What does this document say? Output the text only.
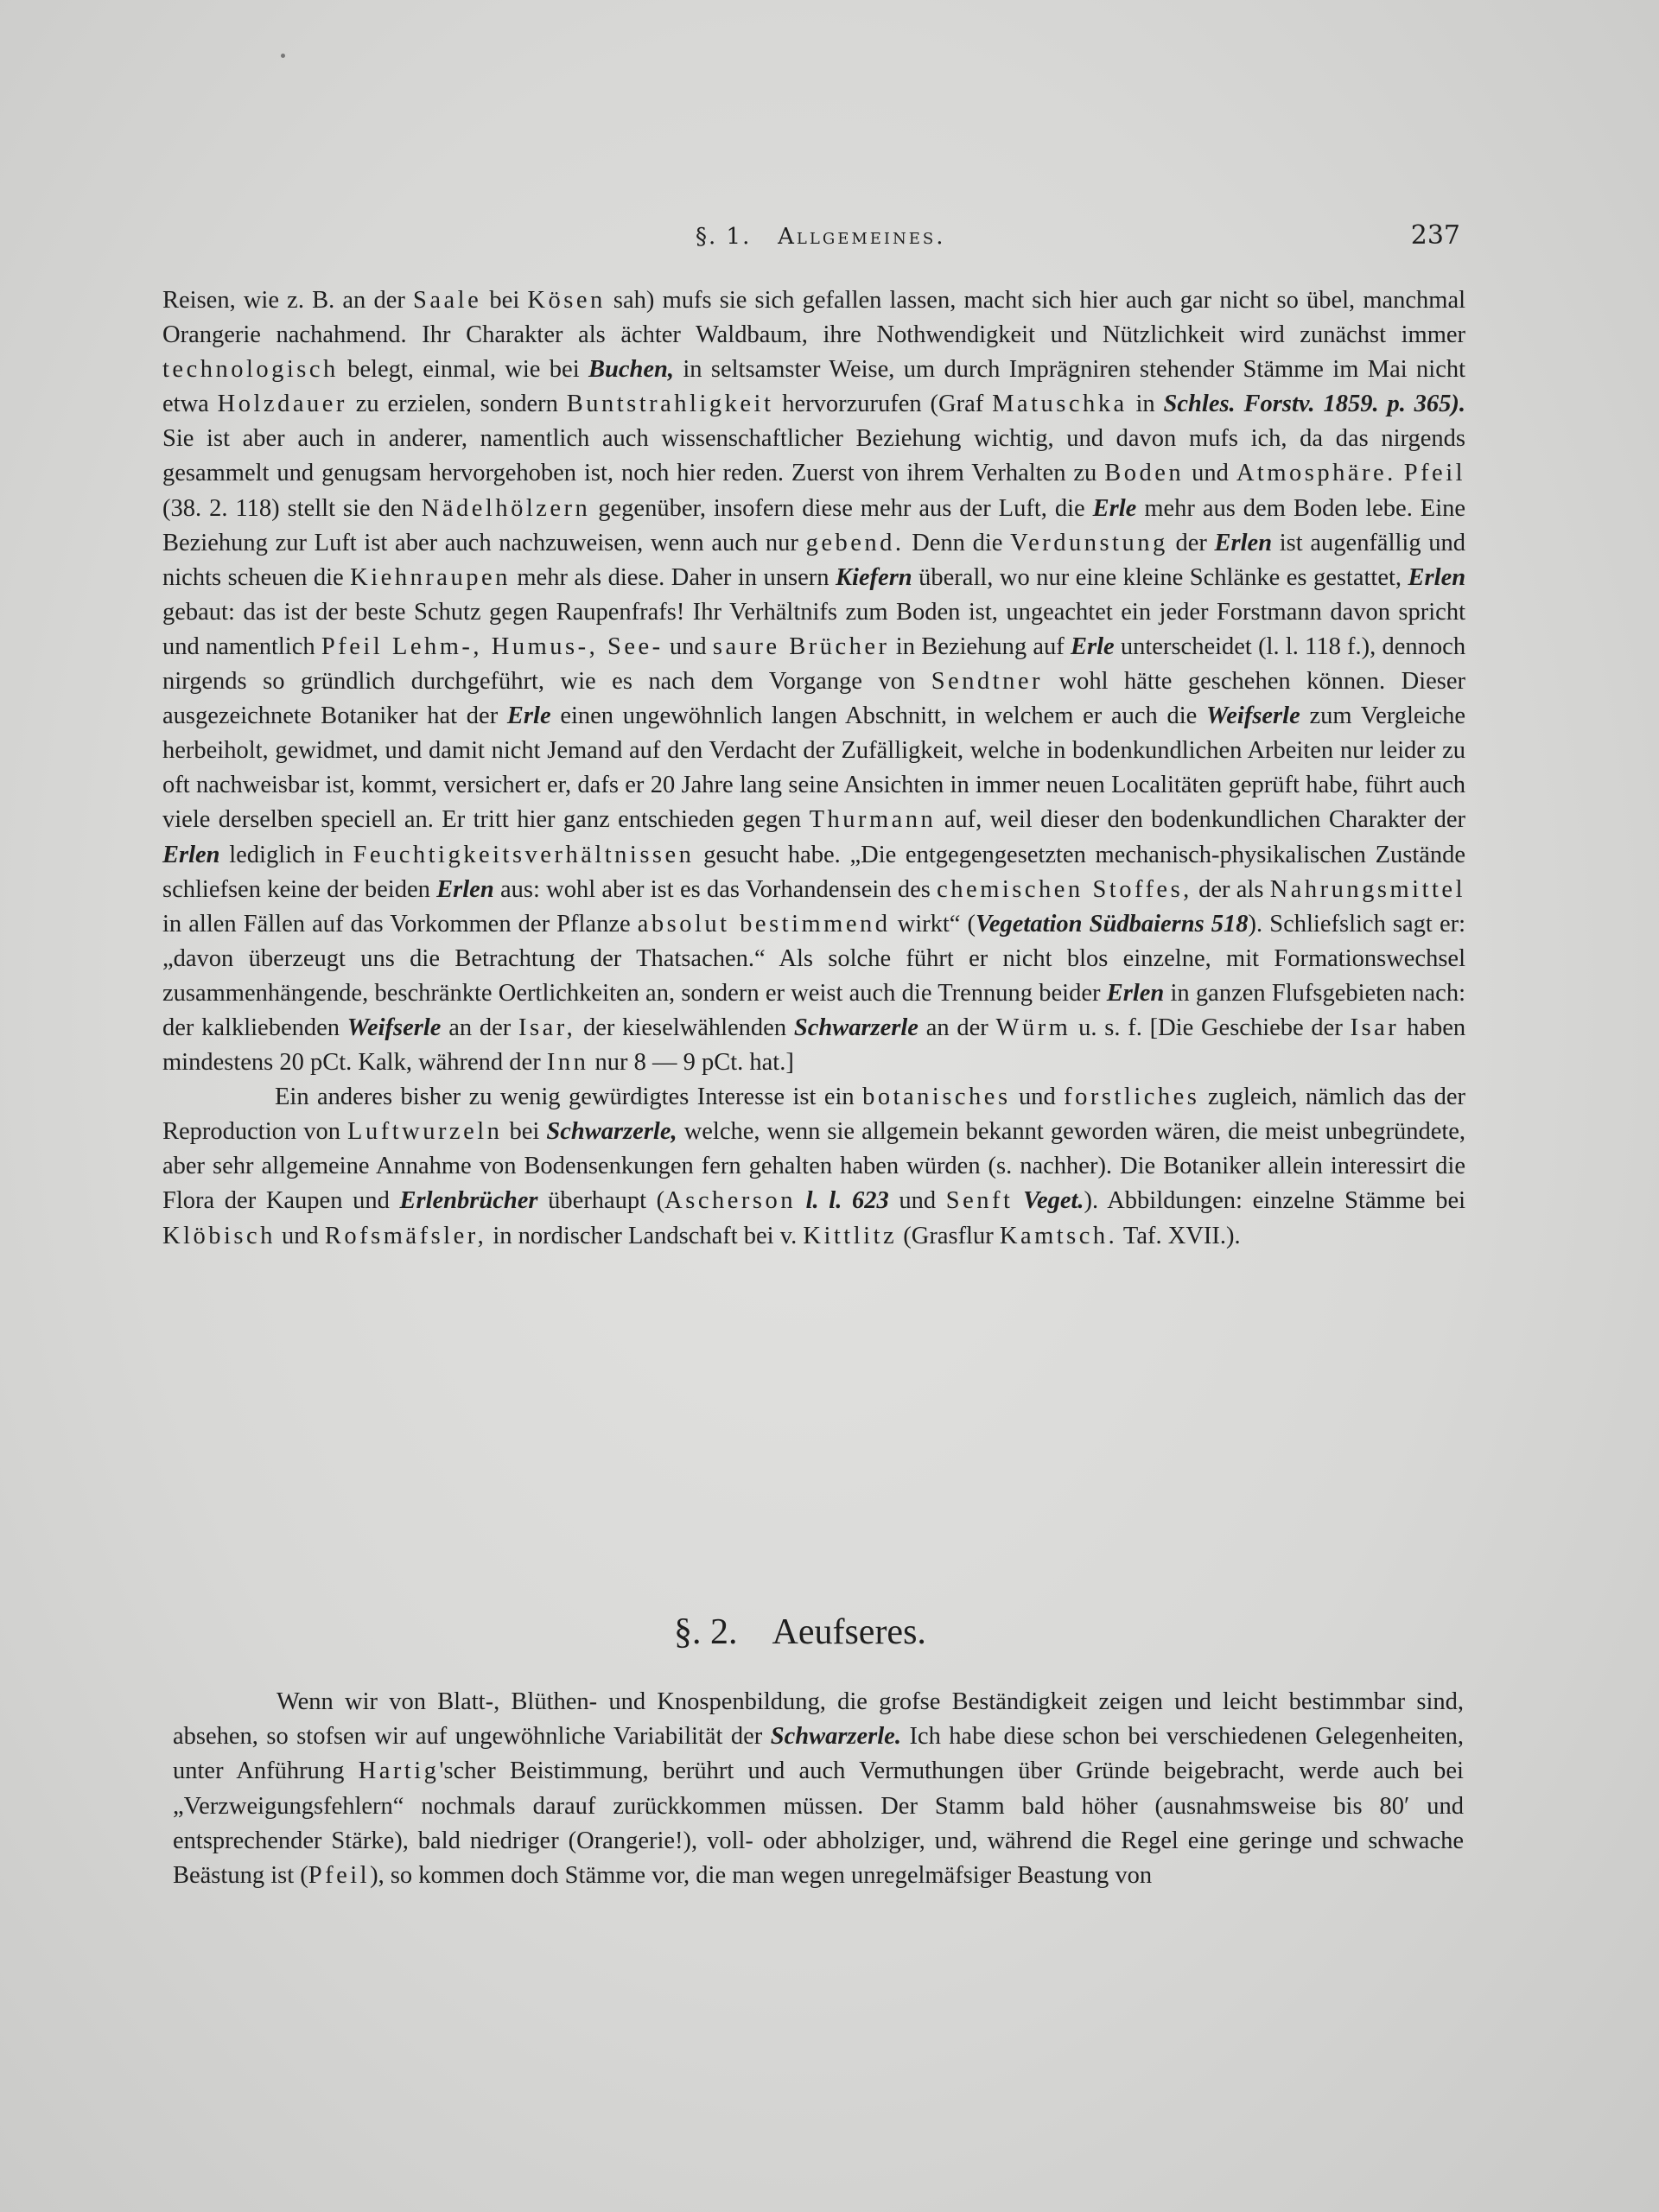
§. 1. Allgemeines.	237

Reisen, wie z. B. an der Saale bei Kösen sah) mufs sie sich gefallen lassen, macht sich hier auch gar nicht so übel, manchmal Orangerie nachahmend. Ihr Charakter als ächter Waldbaum, ihre Nothwendigkeit und Nützlichkeit wird zunächst immer technologisch belegt, einmal, wie bei Buchen, in seltsamster Weise, um durch Imprägniren stehender Stämme im Mai nicht etwa Holzdauer zu erzielen, sondern Buntstrahligkeit hervorzurufen (Graf Matuschka in Schles. Forstv. 1859. p. 365). Sie ist aber auch in anderer, namentlich auch wissenschaftlicher Beziehung wichtig, und davon mufs ich, da das nirgends gesammelt und genugsam hervorgehoben ist, noch hier reden. Zuerst von ihrem Verhalten zu Boden und Atmosphäre. Pfeil (38. 2. 118) stellt sie den Nädelhölzern gegenüber, insofern diese mehr aus der Luft, die Erle mehr aus dem Boden lebe. Eine Beziehung zur Luft ist aber auch nachzuweisen, wenn auch nur gebend. Denn die Verdunstung der Erlen ist augenfällig und nichts scheuen die Kiehnraupen mehr als diese. Daher in unsern Kiefern überall, wo nur eine kleine Schlänke es gestattet, Erlen gebaut: das ist der beste Schutz gegen Raupenfrafs! Ihr Verhältnifs zum Boden ist, ungeachtet ein jeder Forstmann davon spricht und namentlich Pfeil Lehm-, Humus-, See- und saure Brücher in Beziehung auf Erle unterscheidet (l. l. 118 f.), dennoch nirgends so gründlich durchgeführt, wie es nach dem Vorgange von Sendtner wohl hätte geschehen können. Dieser ausgezeichnete Botaniker hat der Erle einen ungewöhnlich langen Abschnitt, in welchem er auch die Weifserle zum Vergleiche herbeiholt, gewidmet, und damit nicht Jemand auf den Verdacht der Zufälligkeit, welche in bodenkundlichen Arbeiten nur leider zu oft nachweisbar ist, kommt, versichert er, dafs er 20 Jahre lang seine Ansichten in immer neuen Localitäten geprüft habe, führt auch viele derselben speciell an. Er tritt hier ganz entschieden gegen Thurmann auf, weil dieser den bodenkundlichen Charakter der Erlen lediglich in Feuchtigkeitsverhältnissen gesucht habe. „Die entgegengesetzten mechanisch-physikalischen Zustände schliefsen keine der beiden Erlen aus: wohl aber ist es das Vorhandensein des chemischen Stoffes, der als Nahrungsmittel in allen Fällen auf das Vorkommen der Pflanze absolut bestimmend wirkt“ (Vegetation Südbaierns 518). Schliefslich sagt er: „davon überzeugt uns die Betrachtung der Thatsachen.“ Als solche führt er nicht blos einzelne, mit Formationswechsel zusammenhängende, beschränkte Oertlichkeiten an, sondern er weist auch die Trennung beider Erlen in ganzen Flufsgebieten nach: der kalkliebenden Weifserle an der Isar, der kieselwählenden Schwarzerle an der Würm u. s. f. [Die Geschiebe der Isar haben mindestens 20 pCt. Kalk, während der Inn nur 8 — 9 pCt. hat.]

Ein anderes bisher zu wenig gewürdigtes Interesse ist ein botanisches und forstliches zugleich, nämlich das der Reproduction von Luftwurzeln bei Schwarzerle, welche, wenn sie allgemein bekannt geworden wären, die meist unbegründete, aber sehr allgemeine Annahme von Bodensenkungen fern gehalten haben würden (s. nachher). Die Botaniker allein interessirt die Flora der Kaupen und Erlenbrücher überhaupt (Ascherson l. l. 623 und Senft Veget.). Abbildungen: einzelne Stämme bei Klöbisch und Rofsmäfsler, in nordischer Landschaft bei v. Kittlitz (Grasflur Kamtsch. Taf. XVII.).

§. 2. Aeufseres.

Wenn wir von Blatt-, Blüthen- und Knospenbildung, die grofse Beständigkeit zeigen und leicht bestimmbar sind, absehen, so stofsen wir auf ungewöhnliche Variabilität der Schwarzerle. Ich habe diese schon bei verschiedenen Gelegenheiten, unter Anführung Hartig'scher Beistimmung, berührt und auch Vermuthungen über Gründe beigebracht, werde auch bei „Verzweigungsfehlern“ nochmals darauf zurückkommen müssen. Der Stamm bald höher (ausnahmsweise bis 80′ und entsprechender Stärke), bald niedriger (Orangerie!), voll- oder abholziger, und, während die Regel eine geringe und schwache Beästung ist (Pfeil), so kommen doch Stämme vor, die man wegen unregelmäfsiger Beastung von
